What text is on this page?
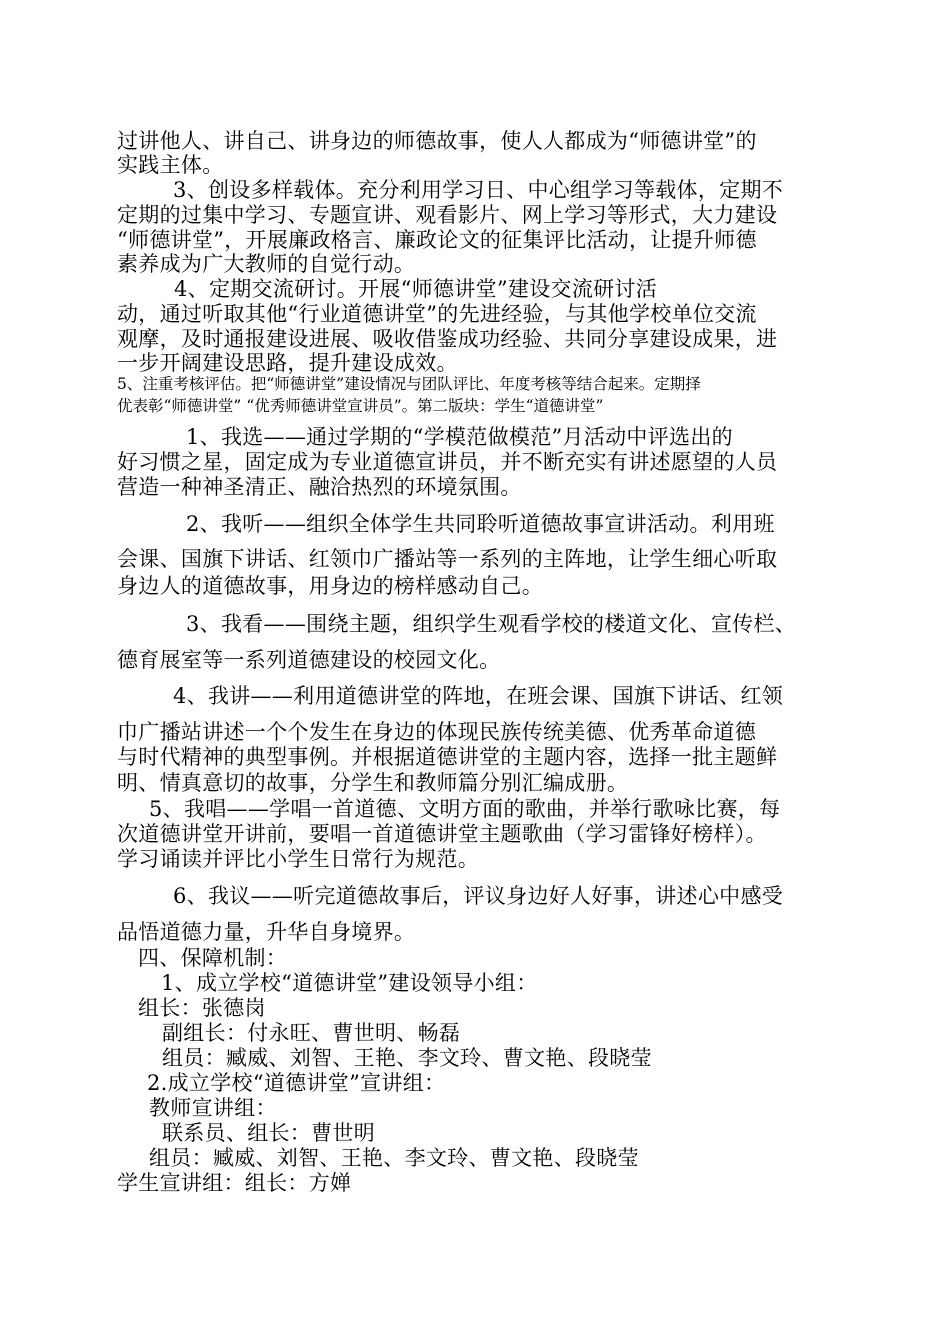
过讲他人、讲自己、讲身边的师德故事，使人人都成为“师德讲堂”的
实践主体。
3、创设多样载体。充分利用学习日、中心组学习等载体，定期不
定期的过集中学习、专题宣讲、观看影片、网上学习等形式，大力建设
“师德讲堂”，开展廉政格言、廉政论文的征集评比活动，让提升师德
素养成为广大教师的自觉行动。
4、定期交流研讨。开展“师德讲堂”建设交流研讨活
动，通过听取其他“行业道德讲堂”的先进经验，与其他学校单位交流
观摩，及时通报建设进展、吸收借鉴成功经验、共同分享建设成果，进
一步开阔建设思路，提升建设成效。
5、注重考核评估。把“师德讲堂”建设情况与团队评比、年度考核等结合起来。定期择
优表彰“师德讲堂” “优秀师德讲堂宣讲员”。第二版块：学生“道德讲堂”
1、我选——通过学期的“学模范做模范”月活动中评选出的
好习惯之星，固定成为专业道德宣讲员，并不断充实有讲述愿望的人员
营造一种神圣清正、融洽热烈的环境氛围。
2、我听——组织全体学生共同聆听道德故事宣讲活动。利用班
会课、国旗下讲话、红领巾广播站等一系列的主阵地，让学生细心听取
身边人的道德故事，用身边的榜样感动自己。
3、我看——围绕主题，组织学生观看学校的楼道文化、宣传栏、
德育展室等一系列道德建设的校园文化。
4、我讲——利用道德讲堂的阵地，在班会课、国旗下讲话、红领
巾广播站讲述一个个发生在身边的体现民族传统美德、优秀革命道德
与时代精神的典型事例。并根据道德讲堂的主题内容，选择一批主题鲜
明、情真意切的故事，分学生和教师篇分别汇编成册。
5、我唱——学唱一首道德、文明方面的歌曲，并举行歌咏比赛，每
次道德讲堂开讲前，要唱一首道德讲堂主题歌曲（学习雷锋好榜样）。
学习诵读并评比小学生日常行为规范。
6、我议——听完道德故事后，评议身边好人好事，讲述心中感受
品悟道德力量，升华自身境界。
四、保障机制：
1、成立学校“道德讲堂”建设领导小组：
组长：张德岗
副组长：付永旺、曹世明、畅磊
组员：臧威、刘智、王艳、李文玲、曹文艳、段晓莹
2.成立学校“道德讲堂”宣讲组：
教师宣讲组：
联系员、组长：曹世明
组员：臧威、刘智、王艳、李文玲、曹文艳、段晓莹
学生宣讲组：组长：方婵
